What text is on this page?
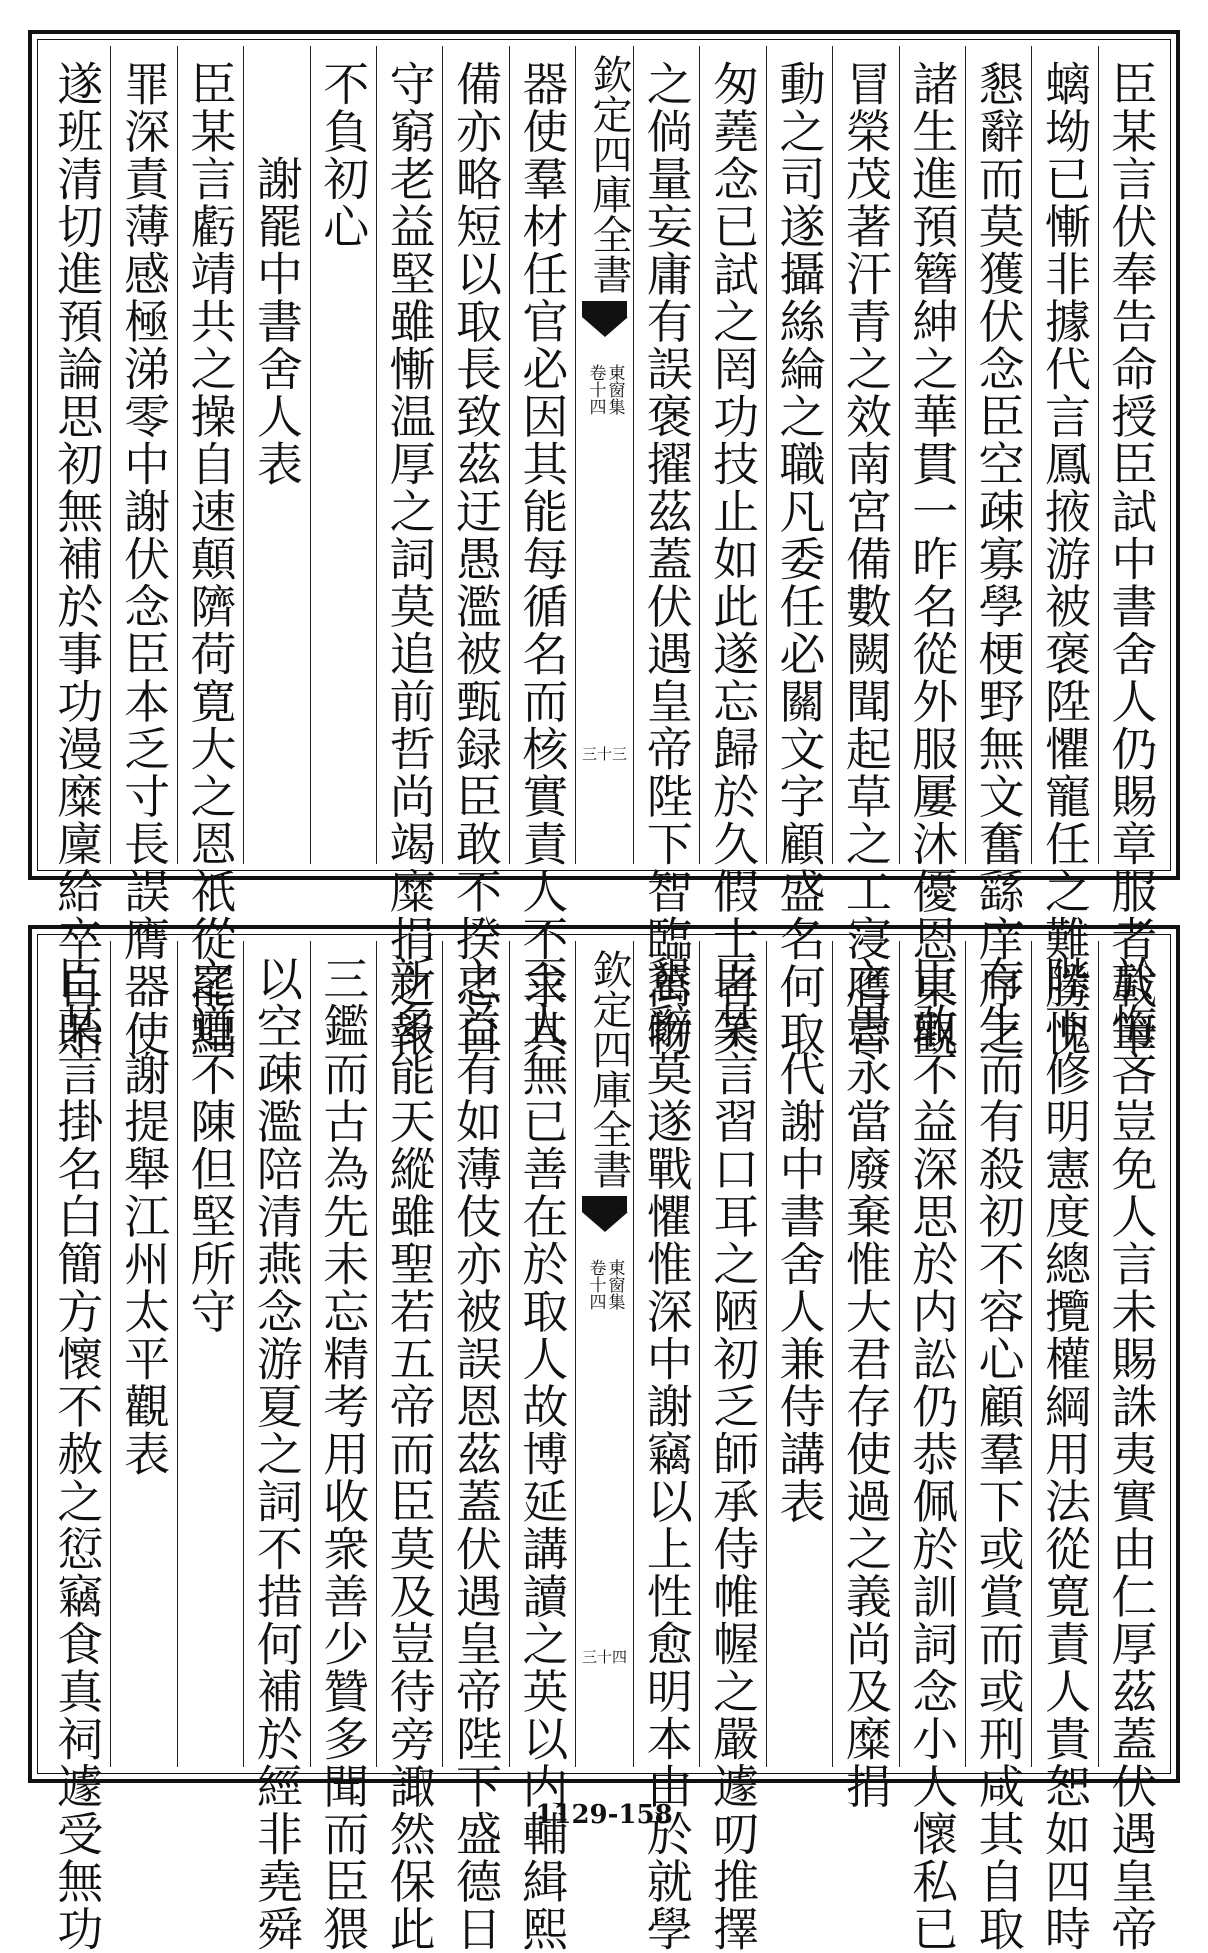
臣某言伏奉告命授臣試中書舍人仍賜章服者載筆
螭坳已慚非據代言鳳掖游被褒陞懼寵任之難勝愧
懇辭而莫獲伏念臣空疎寡學梗野無文奮繇庠序之
諸生進預簪紳之華貫一昨名從外服屢沐優恩東觀
冒榮茂著汗青之效南宮備數闕聞起草之工寖膺言
動之司遂攝絲綸之職凡委任必關文字顧盛名何取
匆蕘念已試之罔功技止如此遂忘歸於久假士者笑
之倘量妄庸有誤褒擢茲蓋伏遇皇帝陛下智臨萬物
欽定四庫全書
東窗集
卷十四
三十三
器使羣材任官必因其能每循名而核實責人不求其
備亦略短以取長致茲迂愚濫被甄録臣敢不揆忠自
守窮老益堅雖慚温厚之詞莫追前哲尚竭糜捐之報
不負初心
　　謝罷中書舍人表
臣某言虧靖共之操自速顛隮荷寛大之恩祇從罷黜
罪深責薄感極涕零中謝伏念臣本乏寸長誤膺器使
遂班清切進預論思初無補於事功漫糜廩給卒自貽
於悔吝豈免人言未賜誅夷實由仁厚茲蓋伏遇皇帝
陛下修明憲度總攬權綱用法從寛責人貴恕如四時
有生而有殺初不容心顧羣下或賞而或刑咸其自取
臣敢不益深思於内訟仍恭佩於訓詞念小人懷私已
之愚永當廢棄惟大君存使過之義尚及糜捐
　　代謝中書舍人兼侍講表
臣某言習口耳之陋初乏師承侍帷幄之嚴遽叨推擇
懇辭莫遂戰懼惟深中謝竊以上性愈明本由於就學
欽定四庫全書
東窗集
卷十四
三十四
至人無已善在於取人故博延講讀之英以内輔緝熙
之益有如薄伎亦被誤恩茲蓋伏遇皇帝陛下盛德日
新多能天縱雖聖若五帝而臣莫及豈待旁諏然保此
三鑑而古為先未忘精考用收衆善少贊多聞而臣猥
以空疎濫陪清燕念游夏之詞不措何補於經非堯舜
之道不陳但堅所守
　　謝提舉江州太平觀表
臣某言掛名白簡方懷不赦之愆竊食真祠遽受無功	1129-158
